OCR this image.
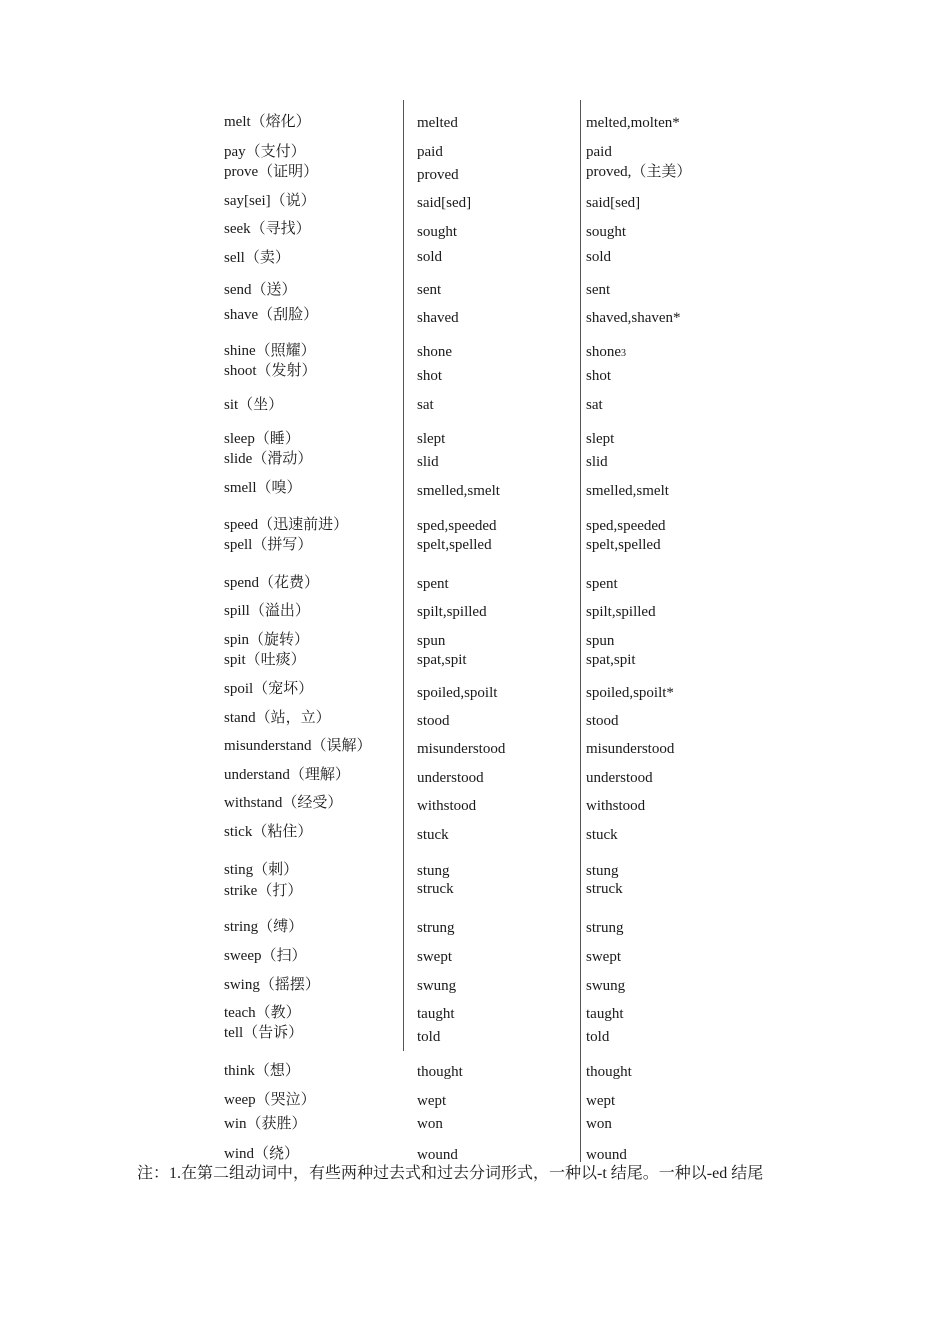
melt（熔化）	melted	melted,molten*
pay（支付）	paid	paid
prove（证明）	proved	proved,（主美）
say[sei]（说）	said[sed]	said[sed]
seek（寻找）	sought	sought
sell（卖）	sold	sold
send（送）	sent	sent
shave（刮脸）	shaved	shaved,shaven*
shine（照耀）	shone	shone3
shoot（发射）	shot	shot
sit（坐）	sat	sat
sleep（睡）	slept	slept
slide（滑动）	slid	slid
smell（嗅）	smelled,smelt	smelled,smelt
speed（迅速前进）	sped,speeded	sped,speeded
spell（拼写）	spelt,spelled	spelt,spelled
spend（花费）	spent	spent
spill（溢出）	spilt,spilled	spilt,spilled
spin（旋转）	spun	spun
spit（吐痰）	spat,spit	spat,spit
spoil（宠坏）	spoiled,spoilt	spoiled,spoilt*
stand（站，立）	stood	stood
misunderstand（误解）	misunderstood	misunderstood
understand（理解）	understood	understood
withstand（经受）	withstood	withstood
stick（粘住）	stuck	stuck
sting（刺）	stung	stung
strike（打）	struck	struck
string（缚）	strung	strung
sweep（扫）	swept	swept
swing（摇摆）	swung	swung
teach（教）	taught	taught
tell（告诉）	told	told
think（想）	thought	thought
weep（哭泣）	wept	wept
win（获胜）	won	won
wind（绕）	wound	wound
注：1.在第二组动词中，有些两种过去式和过去分词形式，一种以-t 结尾。一种以-ed 结尾
